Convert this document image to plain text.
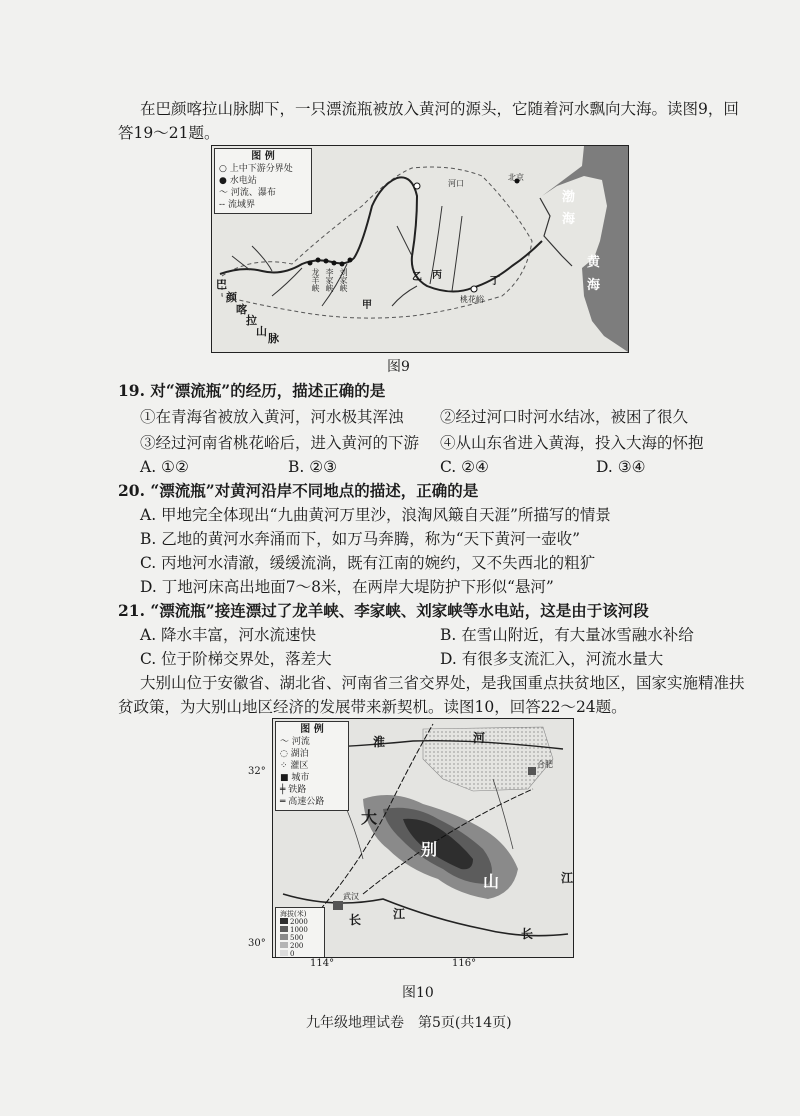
在巴颜喀拉山脉脚下，一只漂流瓶被放入黄河的源头，它随着河水飘向大海。读图9，回
答19～21题。
图 例
○ 上中下游分界处
● 水电站
～ 河流、瀑布
-- 流域界
河口
北京
渤
海
黄
海
桃花峪
丙
甲
丁
乙
巴
颜
喀
拉
山
脉
龙羊峡 李家峡 刘家峡
图9
19. 对“漂流瓶”的经历，描述正确的是
①在青海省被放入黄河，河水极其浑浊 ②经过河口时河水结冰，被困了很久
③经过河南省桃花峪后，进入黄河的下游 ④从山东省进入黄海，投入大海的怀抱
A. ①②	B. ②③	C. ②④	D. ③④
20. “漂流瓶”对黄河沿岸不同地点的描述，正确的是
A. 甲地完全体现出“九曲黄河万里沙，浪淘风簸自天涯”所描写的情景
B. 乙地的黄河水奔涌而下，如万马奔腾，称为“天下黄河一壶收”
C. 丙地河水清澈，缓缓流淌，既有江南的婉约，又不失西北的粗犷
D. 丁地河床高出地面7～8米，在两岸大堤防护下形似“悬河”
21. “漂流瓶”接连漂过了龙羊峡、李家峡、刘家峡等水电站，这是由于该河段
A. 降水丰富，河水流速快	B. 在雪山附近，有大量冰雪融水补给
C. 位于阶梯交界处，落差大	D. 有很多支流汇入，河流水量大
大别山位于安徽省、湖北省、河南省三省交界处，是我国重点扶贫地区，国家实施精准扶
贫政策，为大别山地区经济的发展带来新契机。读图10，回答22～24题。
图 例
～ 河流
◌ 湖泊
⁘ 灌区
■ 城市
╪ 铁路
═ 高速公路
海拔(米)
2000
1000
500
200
0
大
别
山
淮	河
长	江
江
长
武汉
合肥
32°
30°
114°	116°
图10
九年级地理试卷　第5页(共14页)
